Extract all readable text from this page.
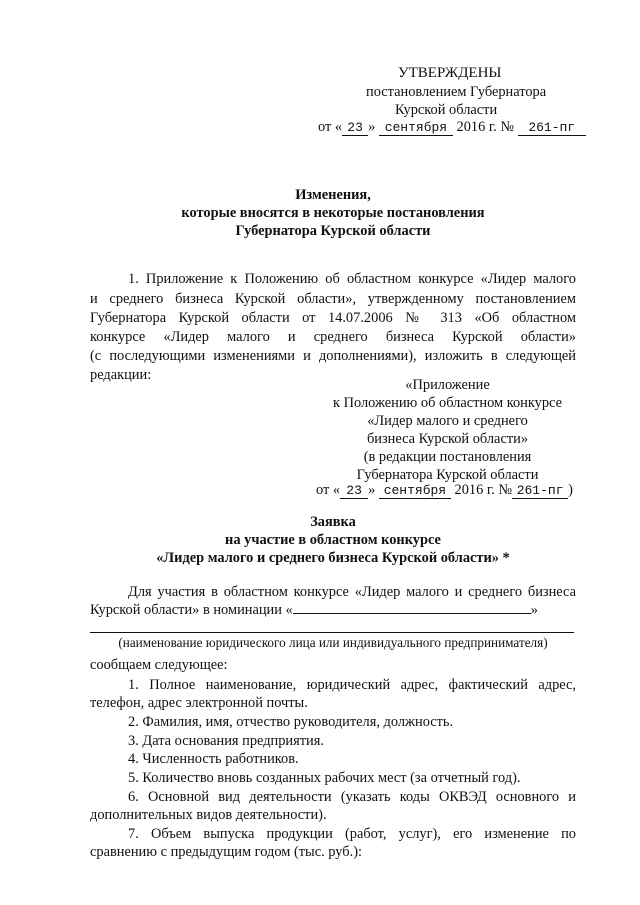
УТВЕРЖДЕНЫ
постановлением Губернатора
Курской области
от « 23 » сентября 2016 г. № 261-пг
Изменения,
которые вносятся в некоторые постановления
Губернатора Курской области
1. Приложение к Положению об областном конкурсе «Лидер малого
и среднего бизнеса Курской области», утвержденному постановлением
Губернатора Курской области от 14.07.2006 № 313 «Об областном
конкурсе «Лидер малого и среднего бизнеса Курской области»
(с последующими изменениями и дополнениями), изложить в следующей
редакции:
«Приложение
к Положению об областном конкурсе
«Лидер малого и среднего
бизнеса Курской области»
(в редакции постановления
Губернатора Курской области
от « 23 » сентября 2016 г. № 261-пг )
Заявка
на участие в областном конкурсе
«Лидер малого и среднего бизнеса Курской области» *
Для участия в областном конкурсе «Лидер малого и среднего бизнеса
Курской области» в номинации «	»
(наименование юридического лица или индивидуального предпринимателя)
сообщаем следующее:
1. Полное наименование, юридический адрес, фактический адрес,
телефон, адрес электронной почты.
2. Фамилия, имя, отчество руководителя, должность.
3. Дата основания предприятия.
4. Численность работников.
5. Количество вновь созданных рабочих мест (за отчетный год).
6. Основной вид деятельности (указать коды ОКВЭД основного и
дополнительных видов деятельности).
7. Объем выпуска продукции (работ, услуг), его изменение по
сравнению с предыдущим годом (тыс. руб.):
